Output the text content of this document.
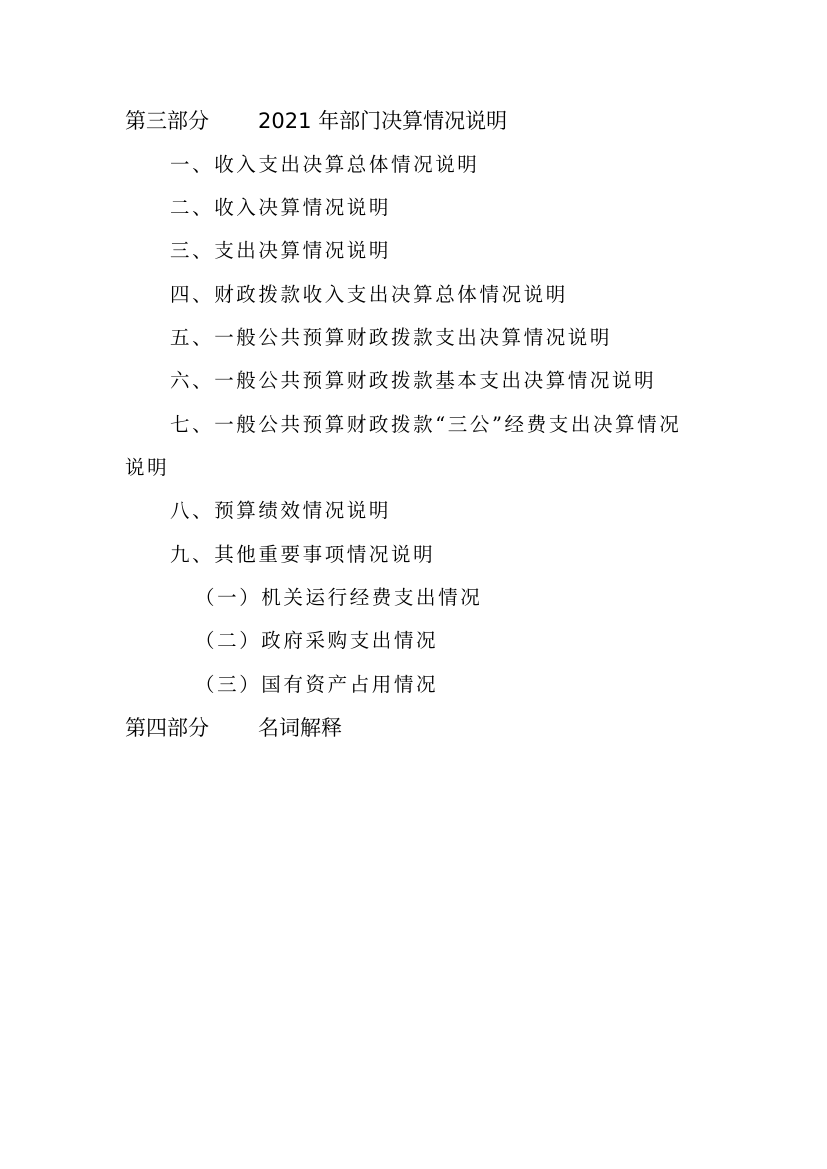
第三部分 2021 年部门决算情况说明
一、收入支出决算总体情况说明
二、收入决算情况说明
三、支出决算情况说明
四、财政拨款收入支出决算总体情况说明
五、一般公共预算财政拨款支出决算情况说明
六、一般公共预算财政拨款基本支出决算情况说明
七、一般公共预算财政拨款“三公”经费支出决算情况
说明
八、预算绩效情况说明
九、其他重要事项情况说明
（一）机关运行经费支出情况
（二）政府采购支出情况
（三）国有资产占用情况
第四部分 名词解释
